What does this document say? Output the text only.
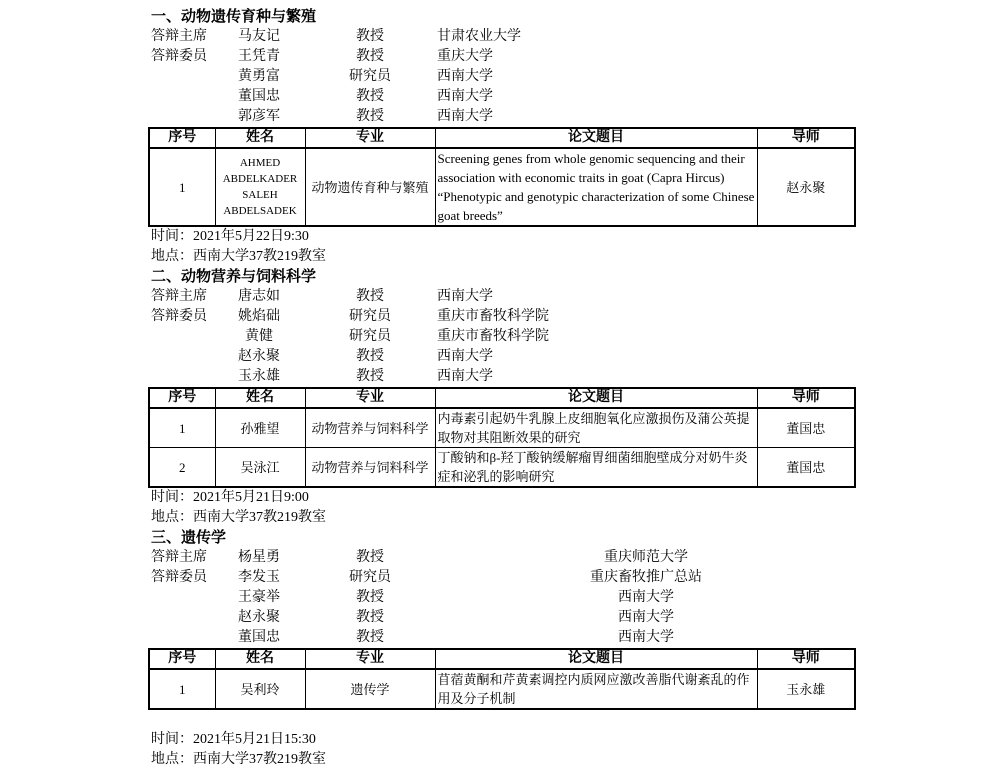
一、动物遗传育种与繁殖
答辩主席 马友记	教授	甘肃农业大学
答辩委员 王凭青	教授	重庆大学
黄勇富	研究员	西南大学
董国忠	教授	西南大学
郭彦军	教授	西南大学
序号	姓名	专业	论文题目	导师
1	AHMED ABDELKADER SALEH ABDELSADEK	动物遗传育种与繁殖	Screening genes from whole genomic sequencing and their association with economic traits in goat (Capra Hircus) “Phenotypic and genotypic characterization of some Chinese goat breeds”	赵永聚
时间：2021年5月22日9:30
地点：西南大学37教219教室
二、动物营养与饲料科学
答辩主席 唐志如	教授	西南大学
答辩委员 姚焰础	研究员	重庆市畜牧科学院
黄健	研究员	重庆市畜牧科学院
赵永聚	教授	西南大学
玉永雄	教授	西南大学
序号	姓名	专业	论文题目	导师
1	孙雅望	动物营养与饲料科学	内毒素引起奶牛乳腺上皮细胞氧化应激损伤及蒲公英提取物对其阻断效果的研究	董国忠
2	吴泳江	动物营养与饲料科学	丁酸钠和β-羟丁酸钠缓解瘤胃细菌细胞壁成分对奶牛炎症和泌乳的影响研究	董国忠
时间：2021年5月21日9:00
地点：西南大学37教219教室
三、遗传学
答辩主席 杨星勇	教授	重庆师范大学
答辩委员 李发玉	研究员	重庆畜牧推广总站
王豪举	教授	西南大学
赵永聚	教授	西南大学
董国忠	教授	西南大学
序号	姓名	专业	论文题目	导师
1	吴利玲	遗传学	苜蓿黄酮和芹黄素调控内质网应激改善脂代谢紊乱的作用及分子机制	玉永雄
时间：2021年5月21日15:30
地点：西南大学37教219教室
